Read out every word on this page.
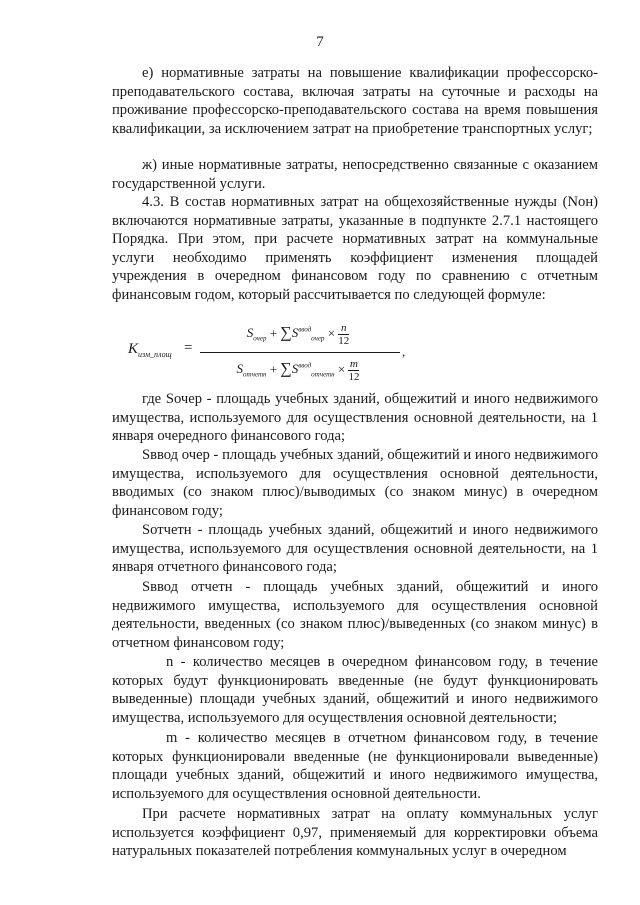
7

е) нормативные затраты на повышение квалификации профессорско-преподавательского состава, включая затраты на суточные и расходы на проживание профессорско-преподавательского состава на время повышения квалификации, за исключением затрат на приобретение транспортных услуг;

ж) иные нормативные затраты, непосредственно связанные с оказанием государственной услуги.

4.3. В состав нормативных затрат на общехозяйственные нужды (Nон) включаются нормативные затраты, указанные в подпункте 2.7.1 настоящего Порядка. При этом, при расчете нормативных затрат на коммунальные услуги необходимо применять коэффициент изменения площадей учреждения в очередном финансовом году по сравнению с отчетным финансовым годом, который рассчитывается по следующей формуле:

$K_{изм\_площ}$ =
$S_{очер} + \sum S^{ввод}_{очер} \times \frac{n}{12}$
$S_{отчетн} + \sum S^{ввод}_{отчетн} \times \frac{m}{12}$
,

где Sочер - площадь учебных зданий, общежитий и иного недвижимого имущества, используемого для осуществления основной деятельности, на 1 января очередного финансового года;

Sввод очер - площадь учебных зданий, общежитий и иного недвижимого имущества, используемого для осуществления основной деятельности, вводимых (со знаком плюс)/выводимых (со знаком минус) в очередном финансовом году;

Sотчетн - площадь учебных зданий, общежитий и иного недвижимого имущества, используемого для осуществления основной деятельности, на 1 января отчетного финансового года;

Sввод отчетн - площадь учебных зданий, общежитий и иного недвижимого имущества, используемого для осуществления основной деятельности, введенных (со знаком плюс)/выведенных (со знаком минус) в отчетном финансовом году;

n - количество месяцев в очередном финансовом году, в течение которых будут функционировать введенные (не будут функционировать выведенные) площади учебных зданий, общежитий и иного недвижимого имущества, используемого для осуществления основной деятельности;

m - количество месяцев в отчетном финансовом году, в течение которых функционировали введенные (не функционировали выведенные) площади учебных зданий, общежитий и иного недвижимого имущества, используемого для осуществления основной деятельности.

При расчете нормативных затрат на оплату коммунальных услуг используется коэффициент 0,97, применяемый для корректировки объема натуральных показателей потребления коммунальных услуг в очередном
